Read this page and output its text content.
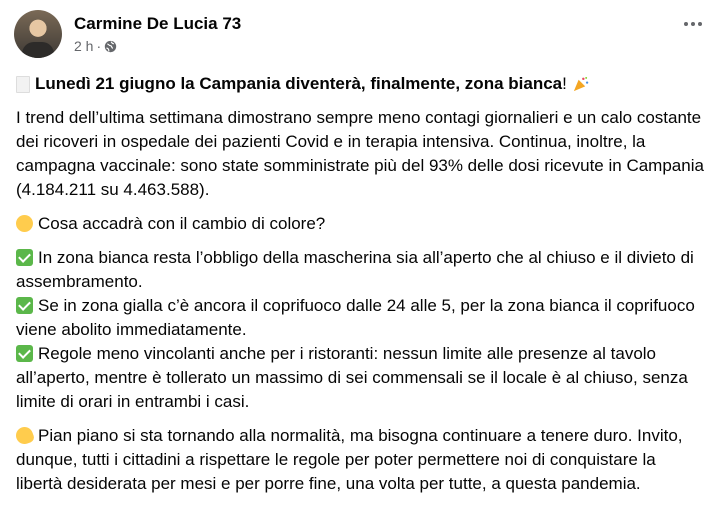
Carmine De Lucia 73
2 h ·

Lunedì 21 giugno la Campania diventerà, finalmente, zona bianca !

I trend dell’ultima settimana dimostrano sempre meno contagi giornalieri e un calo costante dei ricoveri in ospedale dei pazienti Covid e in terapia intensiva. Continua, inoltre, la campagna vaccinale: sono state somministrate più del 93% delle dosi ricevute in Campania (4.184.211 su 4.463.588).

Cosa accadrà con il cambio di colore?

In zona bianca resta l’obbligo della mascherina sia all’aperto che al chiuso e il divieto di assembramento.

Se in zona gialla c’è ancora il coprifuoco dalle 24 alle 5, per la zona bianca il coprifuoco viene abolito immediatamente.

Regole meno vincolanti anche per i ristoranti: nessun limite alle presenze al tavolo all’aperto, mentre è tollerato un massimo di sei commensali se il locale è al chiuso, senza limite di orari in entrambi i casi.

Pian piano si sta tornando alla normalità, ma bisogna continuare a tenere duro. Invito, dunque, tutti i cittadini a rispettare le regole per poter permettere noi di conquistare la libertà desiderata per mesi e per porre fine, una volta per tutte, a questa pandemia.
